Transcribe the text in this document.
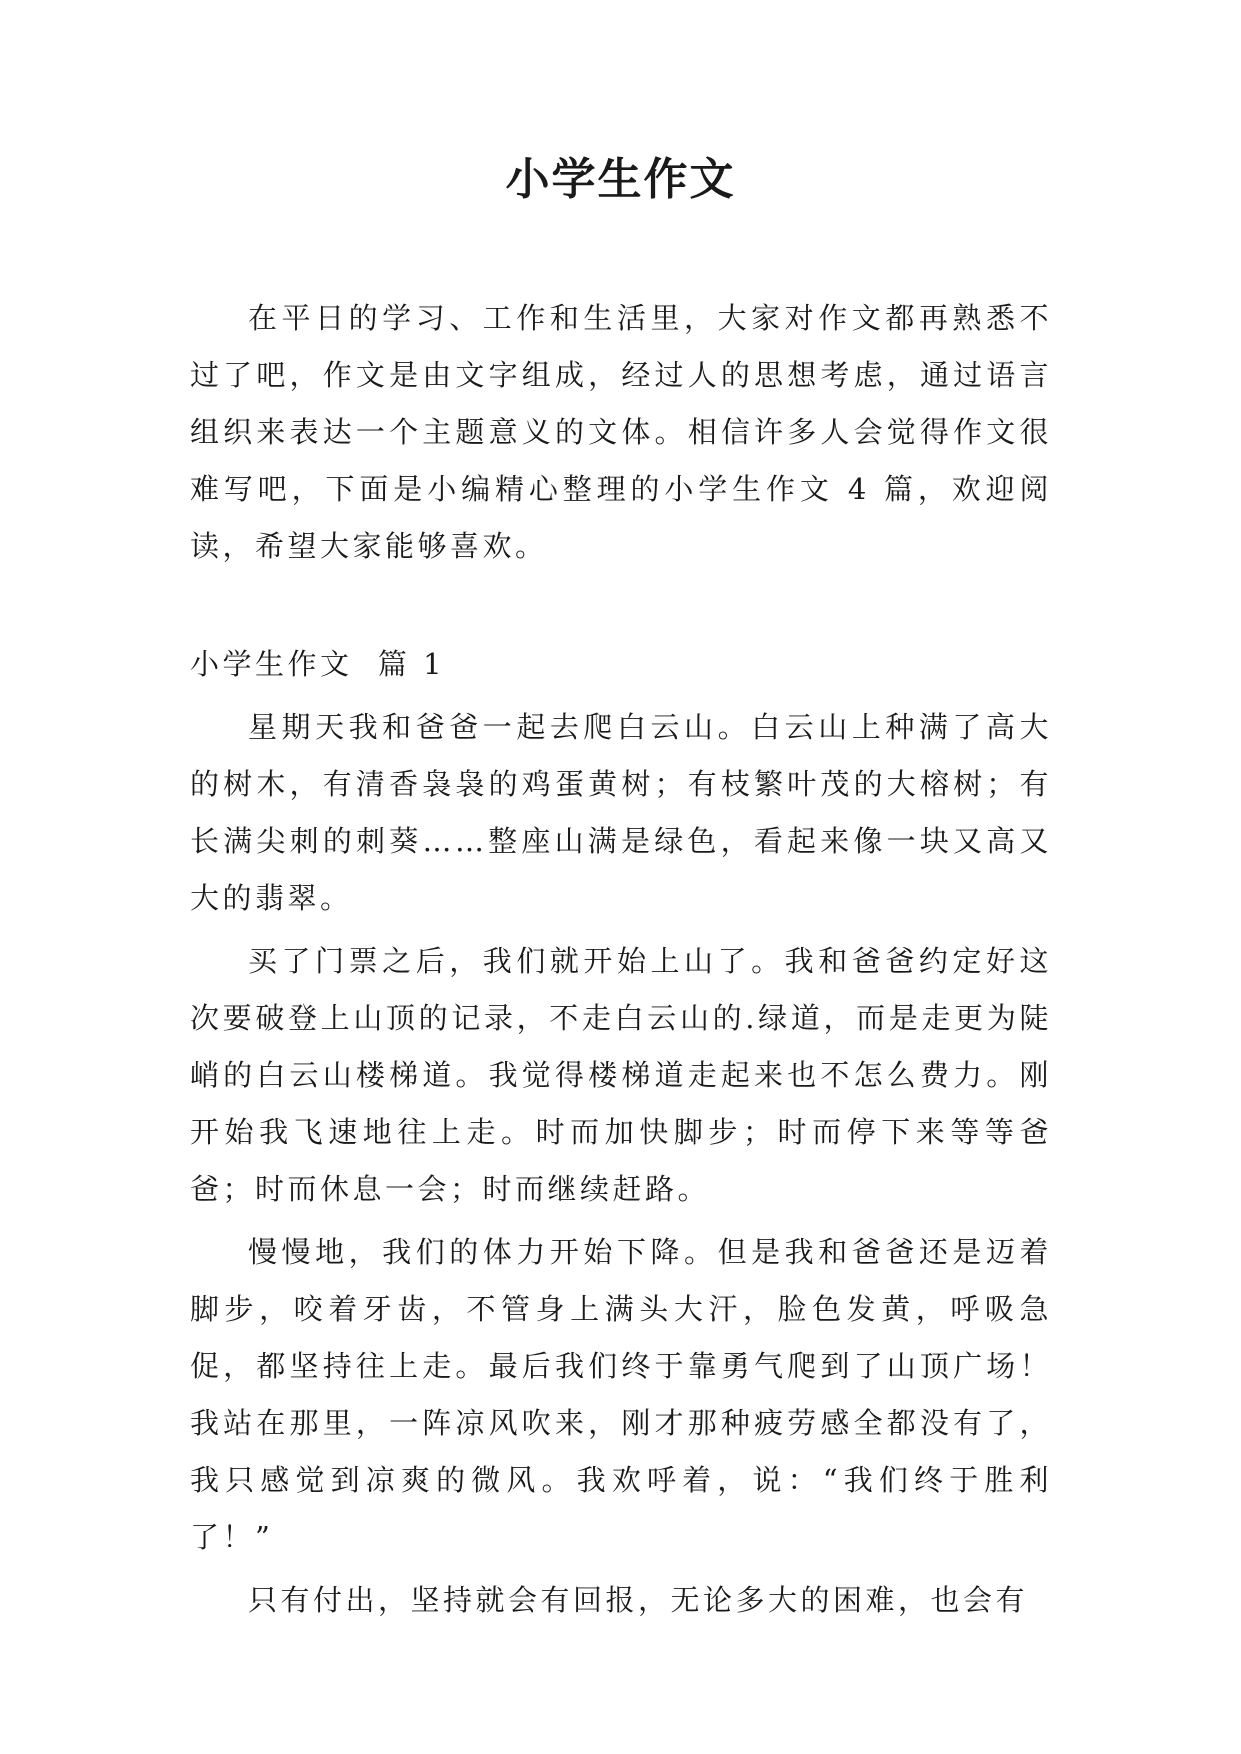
小学生作文

在平日的学习、工作和生活里，大家对作文都再熟悉不过了吧，作文是由文字组成，经过人的思想考虑，通过语言组织来表达一个主题意义的文体。相信许多人会觉得作文很难写吧，下面是小编精心整理的小学生作文 4 篇，欢迎阅读，希望大家能够喜欢。

小学生作文  篇 1

星期天我和爸爸一起去爬白云山。白云山上种满了高大的树木，有清香袅袅的鸡蛋黄树；有枝繁叶茂的大榕树；有长满尖刺的刺葵……整座山满是绿色，看起来像一块又高又大的翡翠。

买了门票之后，我们就开始上山了。我和爸爸约定好这次要破登上山顶的记录，不走白云山的.绿道，而是走更为陡峭的白云山楼梯道。我觉得楼梯道走起来也不怎么费力。刚开始我飞速地往上走。时而加快脚步；时而停下来等等爸爸；时而休息一会；时而继续赶路。

慢慢地，我们的体力开始下降。但是我和爸爸还是迈着脚步，咬着牙齿，不管身上满头大汗，脸色发黄，呼吸急促，都坚持往上走。最后我们终于靠勇气爬到了山顶广场！我站在那里，一阵凉风吹来，刚才那种疲劳感全都没有了，我只感觉到凉爽的微风。我欢呼着，说：“我们终于胜利了！”

只有付出，坚持就会有回报，无论多大的困难，也会有
